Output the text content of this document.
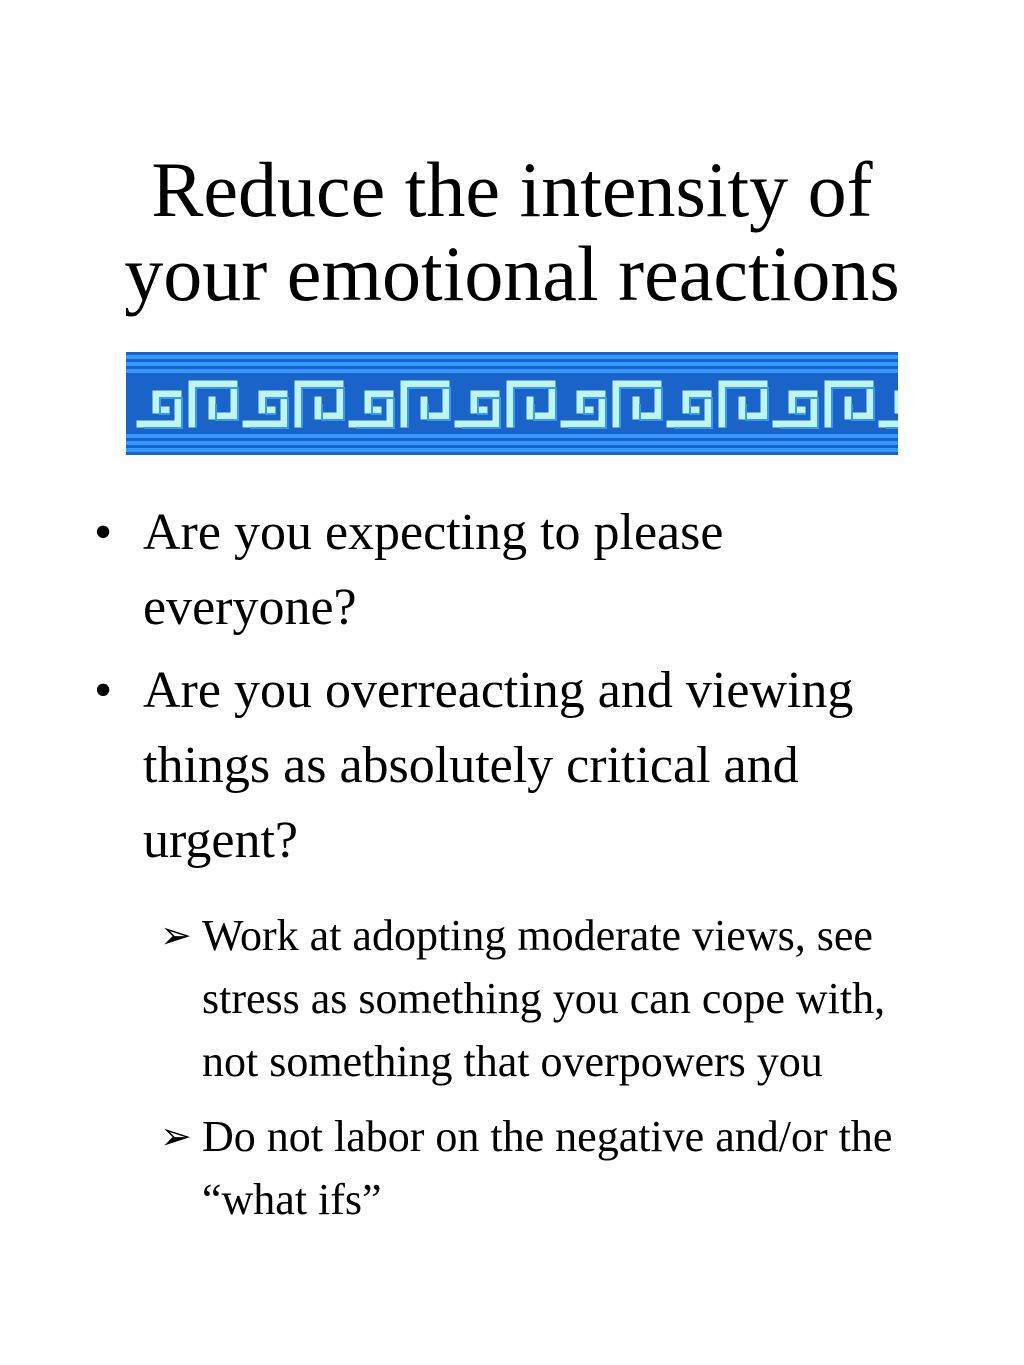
Reduce the intensity of
your emotional reactions
• Are you expecting to please everyone?
• Are you overreacting and viewing things as absolutely critical and urgent?
➢ Work at adopting moderate views, see stress as something you can cope with, not something that overpowers you
➢ Do not labor on the negative and/or the “what ifs”
